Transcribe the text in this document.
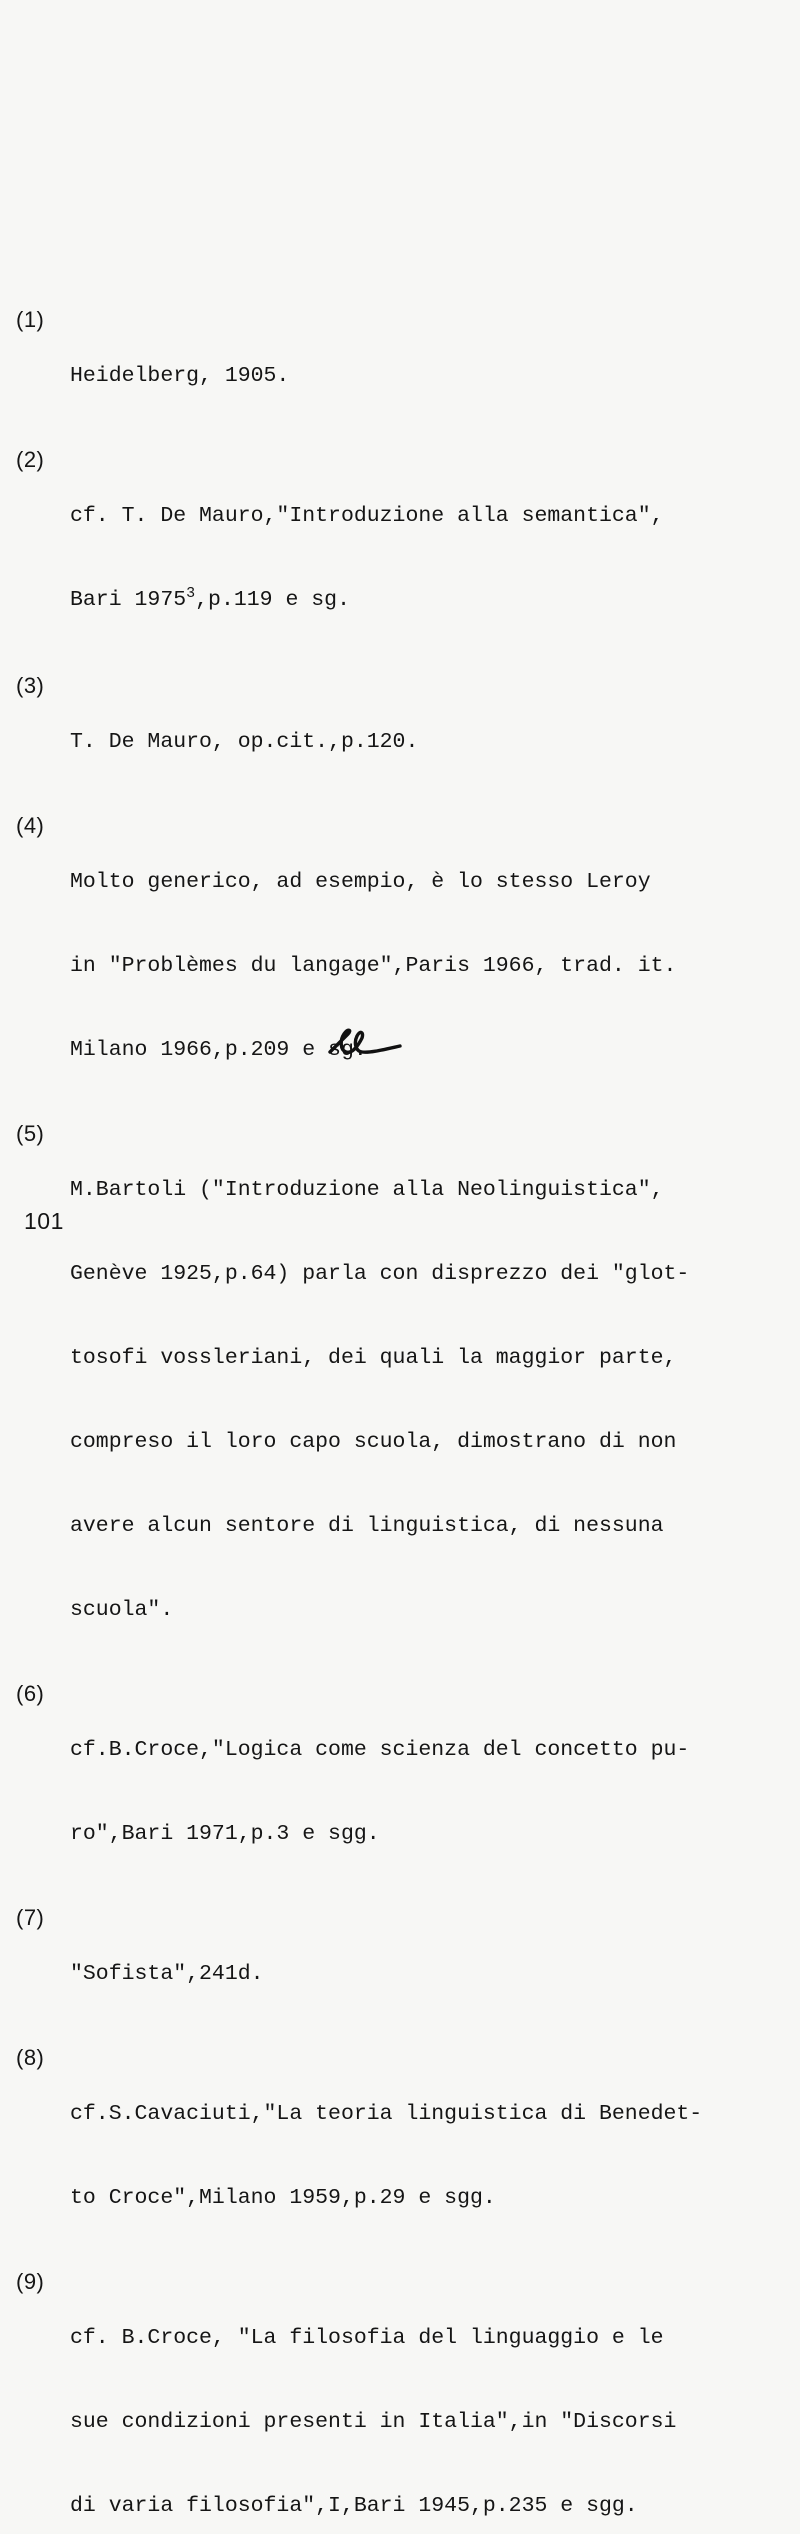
(1)

Heidelberg, 1905.

(2)

cf. T. De Mauro,"Introduzione alla semantica",

Bari 1975$^3$,p.119 e sg.

(3)

T. De Mauro, op.cit.,p.120.

(4)

Molto generico, ad esempio, è lo stesso Leroy

in "Problèmes du langage",Paris 1966, trad. it.

Milano 1966,p.209 e sg.

(5)

M.Bartoli ("Introduzione alla Neolinguistica",

Genève 1925,p.64) parla con disprezzo dei "glot-

tosofi vossleriani, dei quali la maggior parte,

compreso il loro capo scuola, dimostrano di non

avere alcun sentore di linguistica, di nessuna

scuola".

(6)

cf.B.Croce,"Logica come scienza del concetto pu-

ro",Bari 1971,p.3 e sgg.

(7)

"Sofista",241d.

(8)

cf.S.Cavaciuti,"La teoria linguistica di Benedet-

to Croce",Milano 1959,p.29 e sgg.

(9)

cf. B.Croce, "La filosofia del linguaggio e le

sue condizioni presenti in Italia",in "Discorsi

di varia filosofia",I,Bari 1945,p.235 e sgg.

101
